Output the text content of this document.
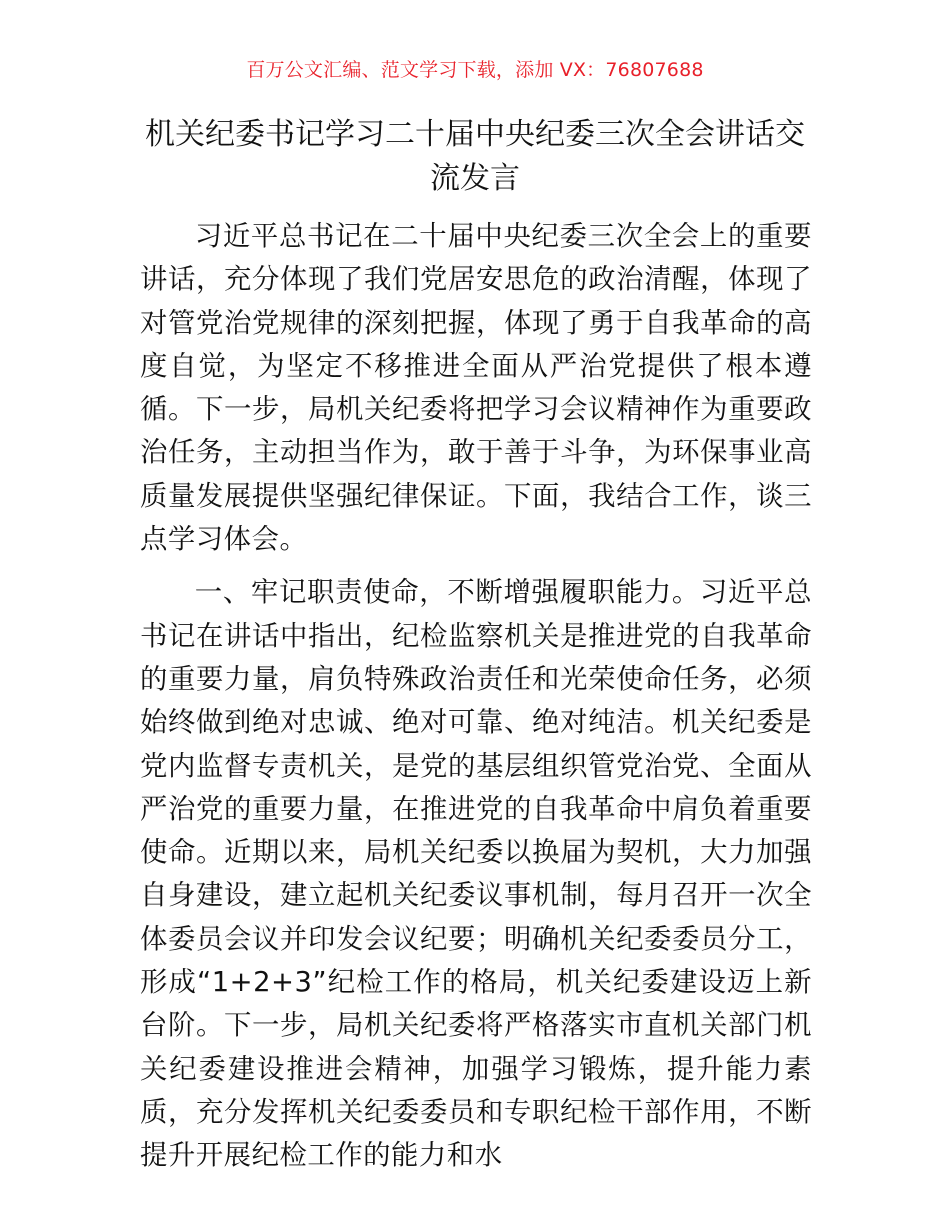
百万公文汇编、范文学习下载，添加 VX：76807688
机关纪委书记学习二十届中央纪委三次全会讲话交流发言

习近平总书记在二十届中央纪委三次全会上的重要讲话，充分体现了我们党居安思危的政治清醒，体现了对管党治党规律的深刻把握，体现了勇于自我革命的高度自觉，为坚定不移推进全面从严治党提供了根本遵循。下一步，局机关纪委将把学习会议精神作为重要政治任务，主动担当作为，敢于善于斗争，为环保事业高质量发展提供坚强纪律保证。下面，我结合工作，谈三点学习体会。

一、牢记职责使命，不断增强履职能力。习近平总书记在讲话中指出，纪检监察机关是推进党的自我革命的重要力量，肩负特殊政治责任和光荣使命任务，必须始终做到绝对忠诚、绝对可靠、绝对纯洁。机关纪委是党内监督专责机关，是党的基层组织管党治党、全面从严治党的重要力量，在推进党的自我革命中肩负着重要使命。近期以来，局机关纪委以换届为契机，大力加强自身建设，建立起机关纪委议事机制，每月召开一次全体委员会议并印发会议纪要；明确机关纪委委员分工，形成“1+2+3”纪检工作的格局，机关纪委建设迈上新台阶。下一步，局机关纪委将严格落实市直机关部门机关纪委建设推进会精神，加强学习锻炼，提升能力素质，充分发挥机关纪委委员和专职纪检干部作用，不断提升开展纪检工作的能力和水
